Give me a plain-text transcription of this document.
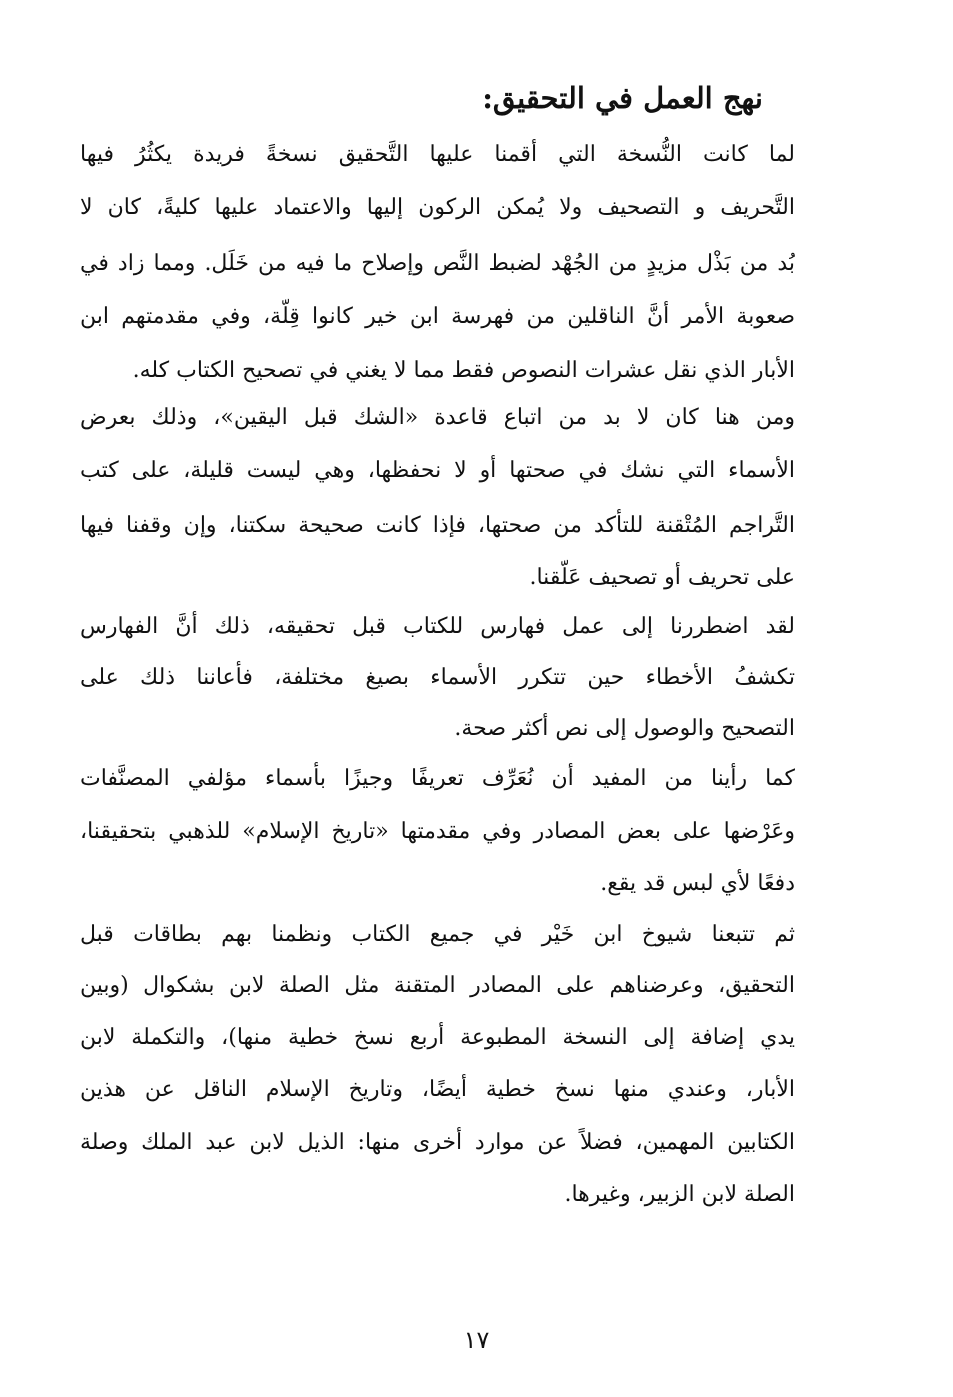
نهج العمل في التحقيق:
لما كانت النُّسخة التي أقمنا عليها التَّحقيق نسخةً فريدة يكثُرُ فيها
التَّحريف و التصحيف ولا يُمكن الركون إليها والاعتماد عليها كليةً، كان لا
بُد من بَذْل مزيدٍ من الجُهْد لضبط النَّص وإصلاح ما فيه من خَلَل. ومما زاد في
صعوبة الأمر أنَّ الناقلين من فهرسة ابن خير كانوا قِلّة، وفي مقدمتهم ابن
الأبار الذي نقل عشرات النصوص فقط مما لا يغني في تصحيح الكتاب كله.
ومن هنا كان لا بد من اتباع قاعدة «الشك قبل اليقين»، وذلك بعرض
الأسماء التي نشك في صحتها أو لا نحفظها، وهي ليست قليلة، على كتب
التَّراجم المُتْقنة للتأكد من صحتها، فإذا كانت صحيحة سكتنا، وإن وقفنا فيها
على تحريف أو تصحيف عَلّقنا.
لقد اضطررنا إلى عمل فهارس للكتاب قبل تحقيقه، ذلك أنَّ الفهارس
تكشفُ الأخطاء حين تتكرر الأسماء بصيغ مختلفة، فأعاننا ذلك على
التصحيح والوصول إلى نص أكثر صحة.
كما رأينا من المفيد أن نُعَرِّف تعريفًا وجيزًا بأسماء مؤلفي المصنَّفات
وعَرْضها على بعض المصادر وفي مقدمتها «تاريخ الإسلام» للذهبي بتحقيقنا،
دفعًا لأي لبس قد يقع.
ثم تتبعنا شيوخ ابن خَيْر في جميع الكتاب ونظمنا بهم بطاقات قبل
التحقيق، وعرضناهم على المصادر المتقنة مثل الصلة لابن بشكوال (وبين
يدي إضافة إلى النسخة المطبوعة أربع نسخ خطية منها)، والتكملة لابن
الأبار، وعندي منها نسخ خطية أيضًا، وتاريخ الإسلام الناقل عن هذين
الكتابين المهمين، فضلاً عن موارد أخرى منها: الذيل لابن عبد الملك وصلة
الصلة لابن الزبير، وغيرها.
١٧
